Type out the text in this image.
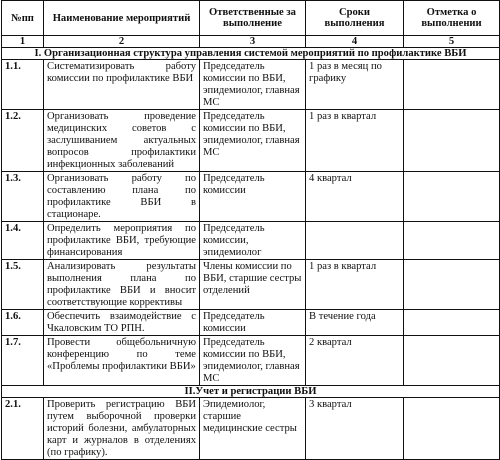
№пп	Наименование мероприятий	Ответственные за выполнение	Сроки выполнения	Отметка о выполнении
1	2	3	4	5
I. Организационная структура управления системой мероприятий по профилактике ВБИ				
1.1.	Систематизировать работу комиссии по профилактике ВБИ	Председатель комиссии по ВБИ, эпидемиолог, главная МС	1 раз в месяц по графику	
1.2.	Организовать проведение медицинских советов с заслушиванием актуальных вопросов профилактики инфекционных заболеваний	Председатель комиссии по ВБИ, эпидемиолог, главная МС	1 раз в квартал	
1.3.	Организовать работу по составлению плана по профилактике ВБИ в стационаре.	Председатель комиссии	4 квартал	
1.4.	Определить мероприятия по профилактике ВБИ, требующие финансирования	Председатель комиссии, эпидемиолог		
1.5.	Анализировать результаты выполнения плана по профилактике ВБИ и вносит соответствующие коррективы	Члены комиссии по ВБИ, старшие сестры отделений	1 раз в квартал	
1.6.	Обеспечить взаимодействие с Чкаловским ТО РПН.	Председатель комиссии	В течение года	
1.7.	Провести общебольничную конференцию по теме «Проблемы профилактики ВБИ»	Председатель комиссии по ВБИ, эпидемиолог, главная МС	2 квартал	
II.Учет и регистрации ВБИ				
2.1.	Проверить регистрацию ВБИ путем выборочной проверки историй болезни, амбулаторных карт и журналов в отделениях (по графику).	Эпидемиолог, старшие медицинские сестры	3 квартал	
